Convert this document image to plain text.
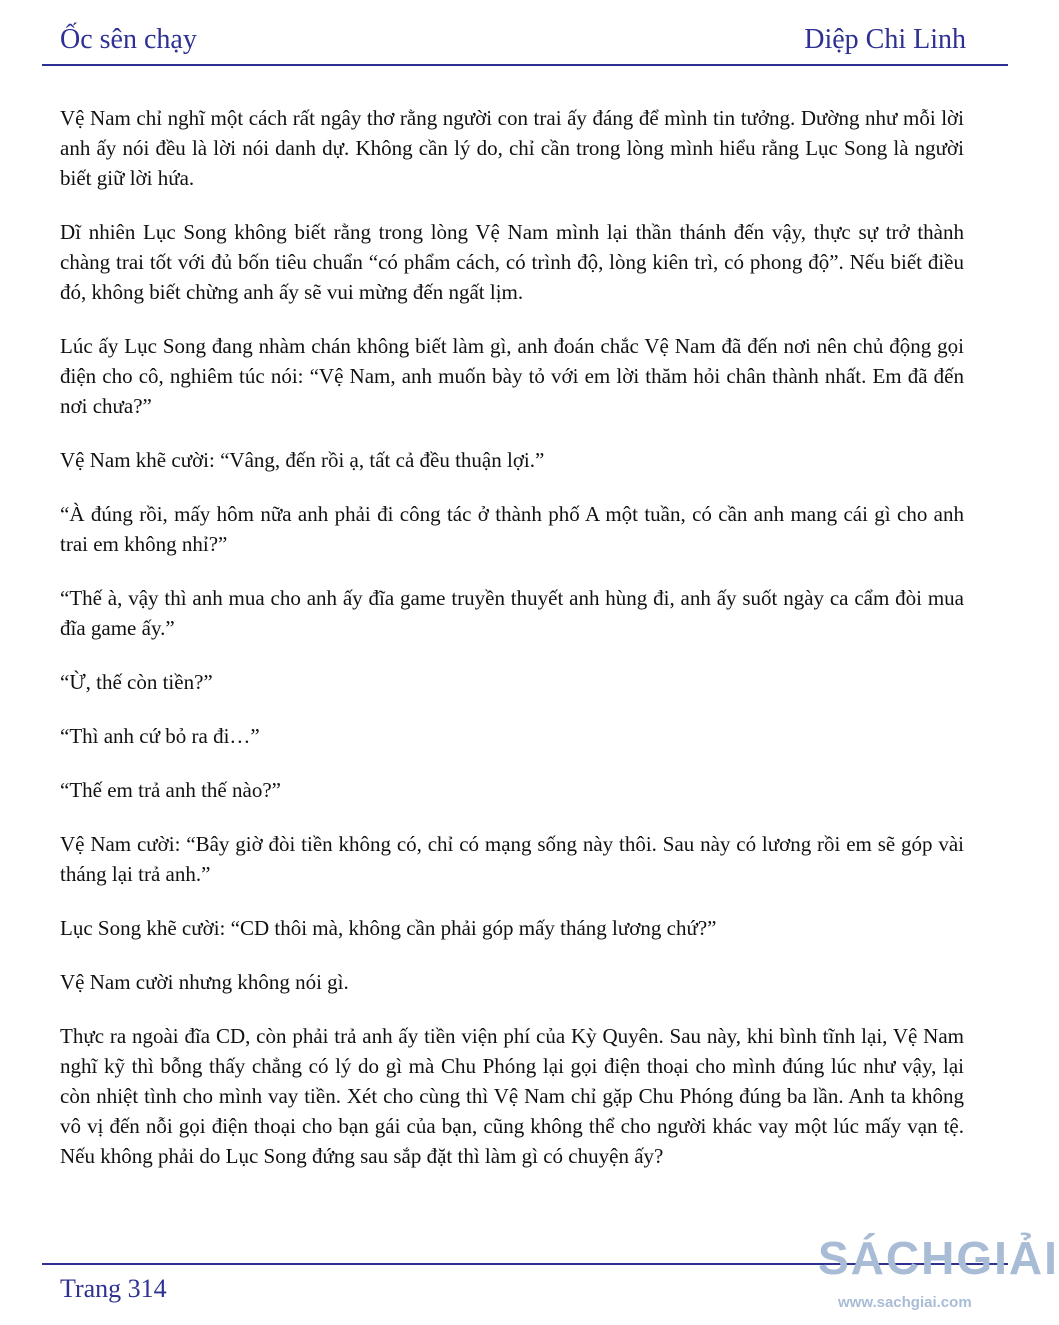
Ốc sên chạy	Diệp Chi Linh

Vệ Nam chỉ nghĩ một cách rất ngây thơ rằng người con trai ấy đáng để mình tin tưởng. Dường như mỗi lời anh ấy nói đều là lời nói danh dự. Không cần lý do, chỉ cần trong lòng mình hiểu rằng Lục Song là người biết giữ lời hứa.

Dĩ nhiên Lục Song không biết rằng trong lòng Vệ Nam mình lại thần thánh đến vậy, thực sự trở thành chàng trai tốt với đủ bốn tiêu chuẩn “có phẩm cách, có trình độ, lòng kiên trì, có phong độ”. Nếu biết điều đó, không biết chừng anh ấy sẽ vui mừng đến ngất lịm.

Lúc ấy Lục Song đang nhàm chán không biết làm gì, anh đoán chắc Vệ Nam đã đến nơi nên chủ động gọi điện cho cô, nghiêm túc nói: “Vệ Nam, anh muốn bày tỏ với em lời thăm hỏi chân thành nhất. Em đã đến nơi chưa?”

Vệ Nam khẽ cười: “Vâng, đến rồi ạ, tất cả đều thuận lợi.”

“À đúng rồi, mấy hôm nữa anh phải đi công tác ở thành phố A một tuần, có cần anh mang cái gì cho anh trai em không nhỉ?”

“Thế à, vậy thì anh mua cho anh ấy đĩa game truyền thuyết anh hùng đi, anh ấy suốt ngày ca cẩm đòi mua đĩa game ấy.”

“Ừ, thế còn tiền?”

“Thì anh cứ bỏ ra đi…”

“Thế em trả anh thế nào?”

Vệ Nam cười: “Bây giờ đòi tiền không có, chỉ có mạng sống này thôi. Sau này có lương rồi em sẽ góp vài tháng lại trả anh.”

Lục Song khẽ cười: “CD thôi mà, không cần phải góp mấy tháng lương chứ?”

Vệ Nam cười nhưng không nói gì.

Thực ra ngoài đĩa CD, còn phải trả anh ấy tiền viện phí của Kỳ Quyên. Sau này, khi bình tĩnh lại, Vệ Nam nghĩ kỹ thì bỗng thấy chẳng có lý do gì mà Chu Phóng lại gọi điện thoại cho mình đúng lúc như vậy, lại còn nhiệt tình cho mình vay tiền. Xét cho cùng thì Vệ Nam chỉ gặp Chu Phóng đúng ba lần. Anh ta không vô vị đến nỗi gọi điện thoại cho bạn gái của bạn, cũng không thể cho người khác vay một lúc mấy vạn tệ. Nếu không phải do Lục Song đứng sau sắp đặt thì làm gì có chuyện ấy?

Trang 314
SÁCHGIẢI
www.sachgiai.com
